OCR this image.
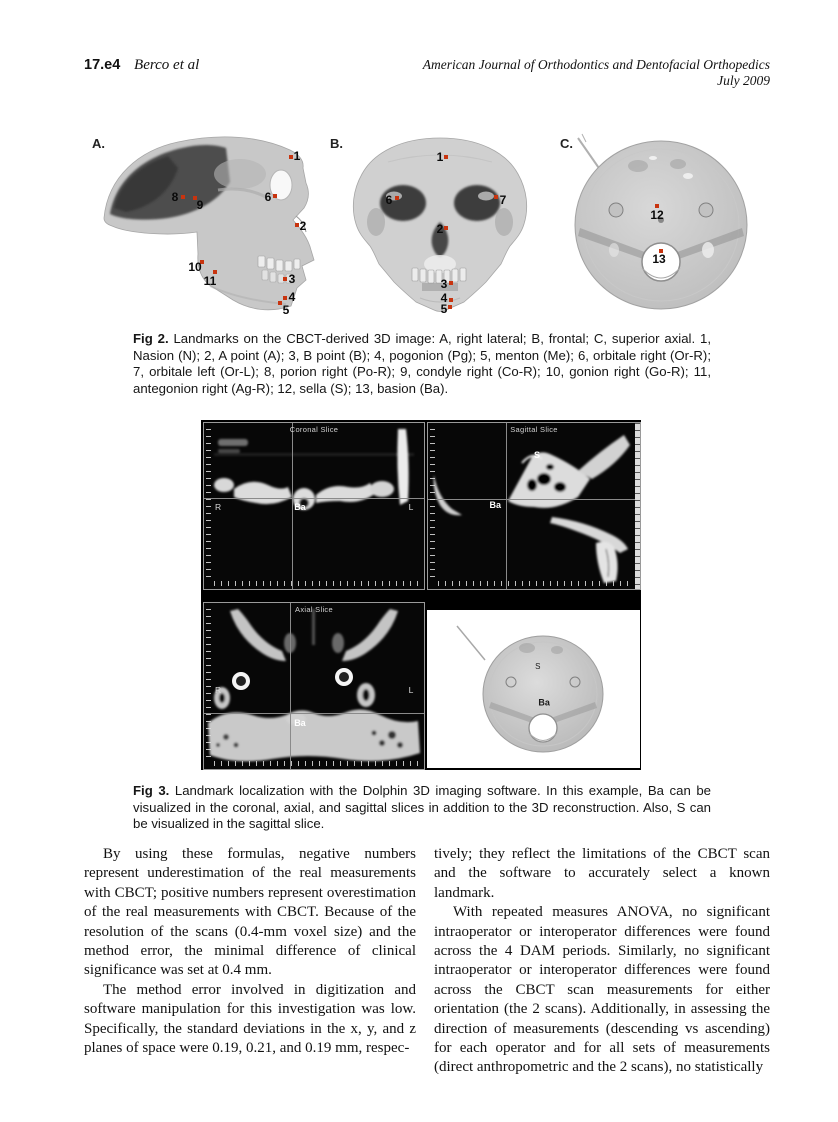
17.e4 Berco et al	American Journal of Orthodontics and Dentofacial Orthopedics
July 2009
A.
1
2
3
4
5
6
8
9
10
11
B.
1
2
3
4
5
6	7
C.
12
13
Fig 2. Landmarks on the CBCT-derived 3D image: A, right lateral; B, frontal; C, superior axial. 1, Nasion (N); 2, A point (A); 3, B point (B); 4, pogonion (Pg); 5, menton (Me); 6, orbitale right (Or-R); 7, orbitale left (Or-L); 8, porion right (Po-R); 9, condyle right (Co-R); 10, gonion right (Go-R); 11, antegonion right (Ag-R); 12, sella (S); 13, basion (Ba).
Coronal Slice
Ba
R	L
Sagittal Slice
Ba
S
Axial Slice
Ba
R	L
S
Ba
Fig 3. Landmark localization with the Dolphin 3D imaging software. In this example, Ba can be visualized in the coronal, axial, and sagittal slices in addition to the 3D reconstruction. Also, S can be visualized in the sagittal slice.

By using these formulas, negative numbers represent underestimation of the real measurements with CBCT; positive numbers represent overestimation of the real measurements with CBCT. Because of the resolution of the scans (0.4-mm voxel size) and the method error, the minimal difference of clinical significance was set at 0.4 mm.

The method error involved in digitization and software manipulation for this investigation was low. Specifically, the standard deviations in the x, y, and z planes of space were 0.19, 0.21, and 0.19 mm, respec-

tively; they reflect the limitations of the CBCT scan and the software to accurately select a known landmark.

With repeated measures ANOVA, no significant intraoperator or interoperator differences were found across the 4 DAM periods. Similarly, no significant intraoperator or interoperator differences were found across the CBCT scan measurements for either orientation (the 2 scans). Additionally, in assessing the direction of measurements (descending vs ascending) for each operator and for all sets of measurements (direct anthropometric and the 2 scans), no statistically
